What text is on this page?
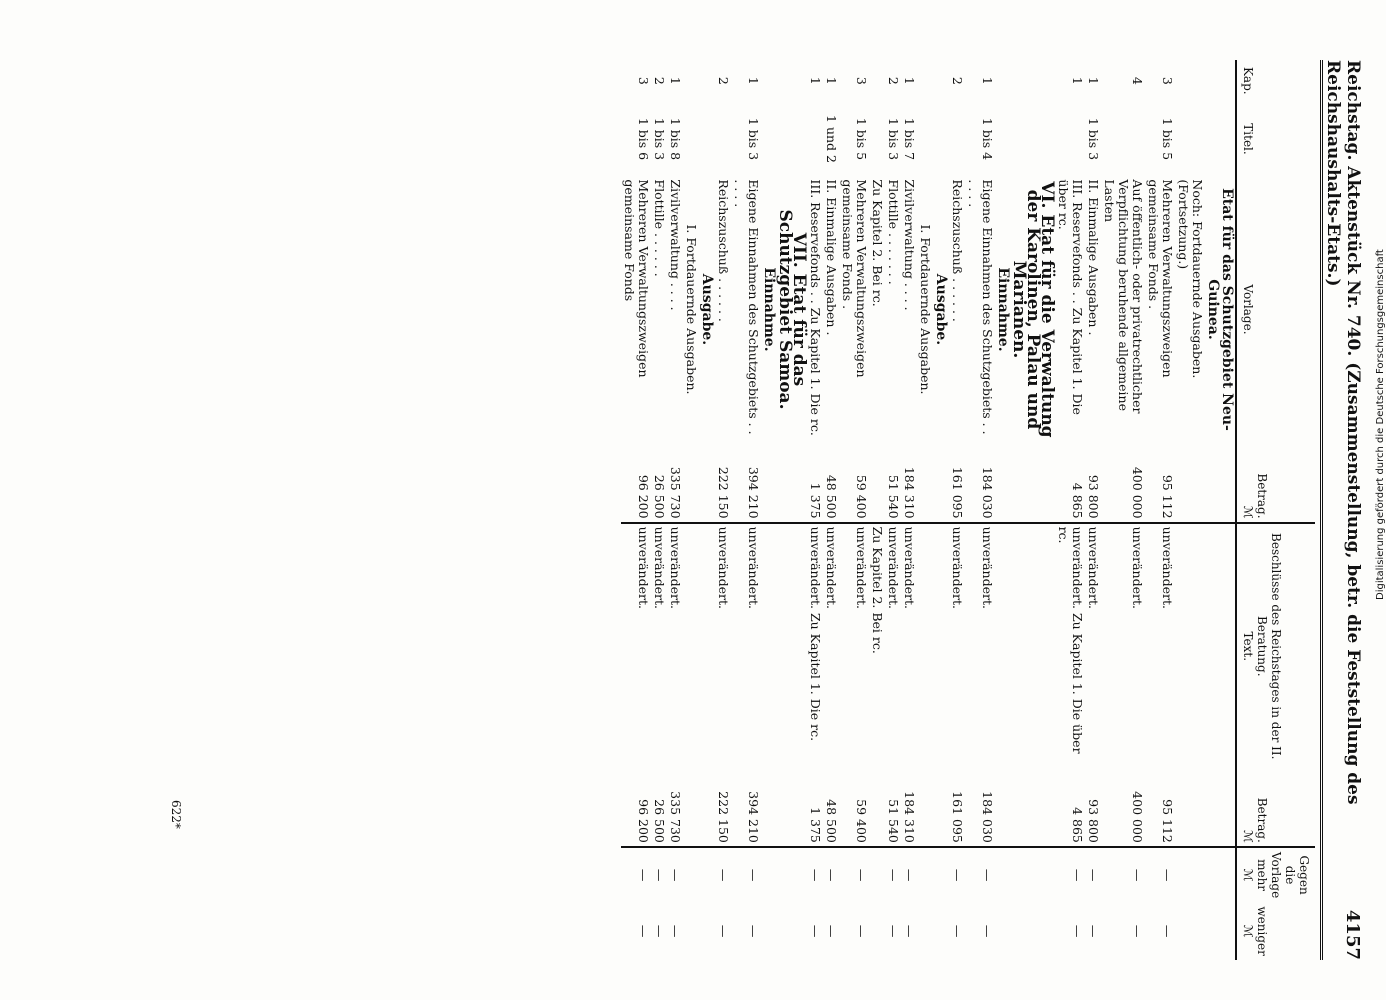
Reichstag. Aktenstück Nr. 740. (Zusammenstellung, betr. die Feststellung des Reichshaushalts-Etats.)
4157
Kap.	Titel.	Vorlage.	Betrag.
ℳ	Beschlüsse des Reichstages in der II. Beratung.
Text.	Betrag.
ℳ	Gegen die Vorlage
mehr
ℳ	weniger
ℳ
		Etat für das Schutzgebiet Neu-Guinea.					
		Noch: Fortdauernde Ausgaben. (Fortsetzung.)					
3	1 bis 5	Mehreren Verwaltungszweigen gemeinsame Fonds .	95 112	unverändert.	95 112	—	—
4		Auf öffentlich- oder privatrechtlicher Verpflichtung beruhende allgemeine Lasten	400 000	unverändert.	400 000	—	—
1	1 bis 3	II. Einmalige Ausgaben .	93 800	unverändert.	93 800	—	—
1		III. Reservefonds . . Zu Kapitel 1. Die über rc.	4 865	unverändert. Zu Kapitel 1. Die über rc.	4 865	—	—
		VI. Etat für die Verwaltung der Karolinen, Palau und Marianen.					
		Einnahme.					
1	1 bis 4	Eigene Einnahmen des Schutzgebiets . . . . . .	184 030	unverändert.	184 030	—	—
2		Reichszuschuß . . . . . .	161 095	unverändert.	161 095	—	—
		Ausgabe.					
		I. Fortdauernde Ausgaben.					
1	1 bis 7	Zivilverwaltung . . . .	184 310	unverändert.	184 310	—	—
2	1 bis 3	Flottille . . . . . . .	51 540	unverändert.	51 540	—	—
		Zu Kapitel 2. Bei rc.		Zu Kapitel 2. Bei rc.			
3	1 bis 5	Mehreren Verwaltungszweigen gemeinsame Fonds .	59 400	unverändert.	59 400	—	—
1	1 und 2	II. Einmalige Ausgaben .	48 500	unverändert.	48 500	—	—
1		III. Reservefonds . . Zu Kapitel 1. Die rc.	1 375	unverändert. Zu Kapitel 1. Die rc.	1 375	—	—
		VII. Etat für das Schutzgebiet Samoa.					
		Einnahme.					
1	1 bis 3	Eigene Einnahmen des Schutzgebiets . . . . . .	394 210	unverändert.	394 210	—	—
2		Reichszuschuß . . . . . .	222 150	unverändert.	222 150	—	—
		Ausgabe.					
		I. Fortdauernde Ausgaben.					
1	1 bis 8	Zivilverwaltung . . . .	335 730	unverändert.	335 730	—	—
2	1 bis 3	Flottille . . . . . .	26 500	unverändert.	26 500	—	—
3	1 bis 6	Mehreren Verwaltungszweigen gemeinsame Fonds	96 200	unverändert.	96 200	—	—
622*
Digitalisierung gefördert durch die Deutsche Forschungsgemeinschaft
